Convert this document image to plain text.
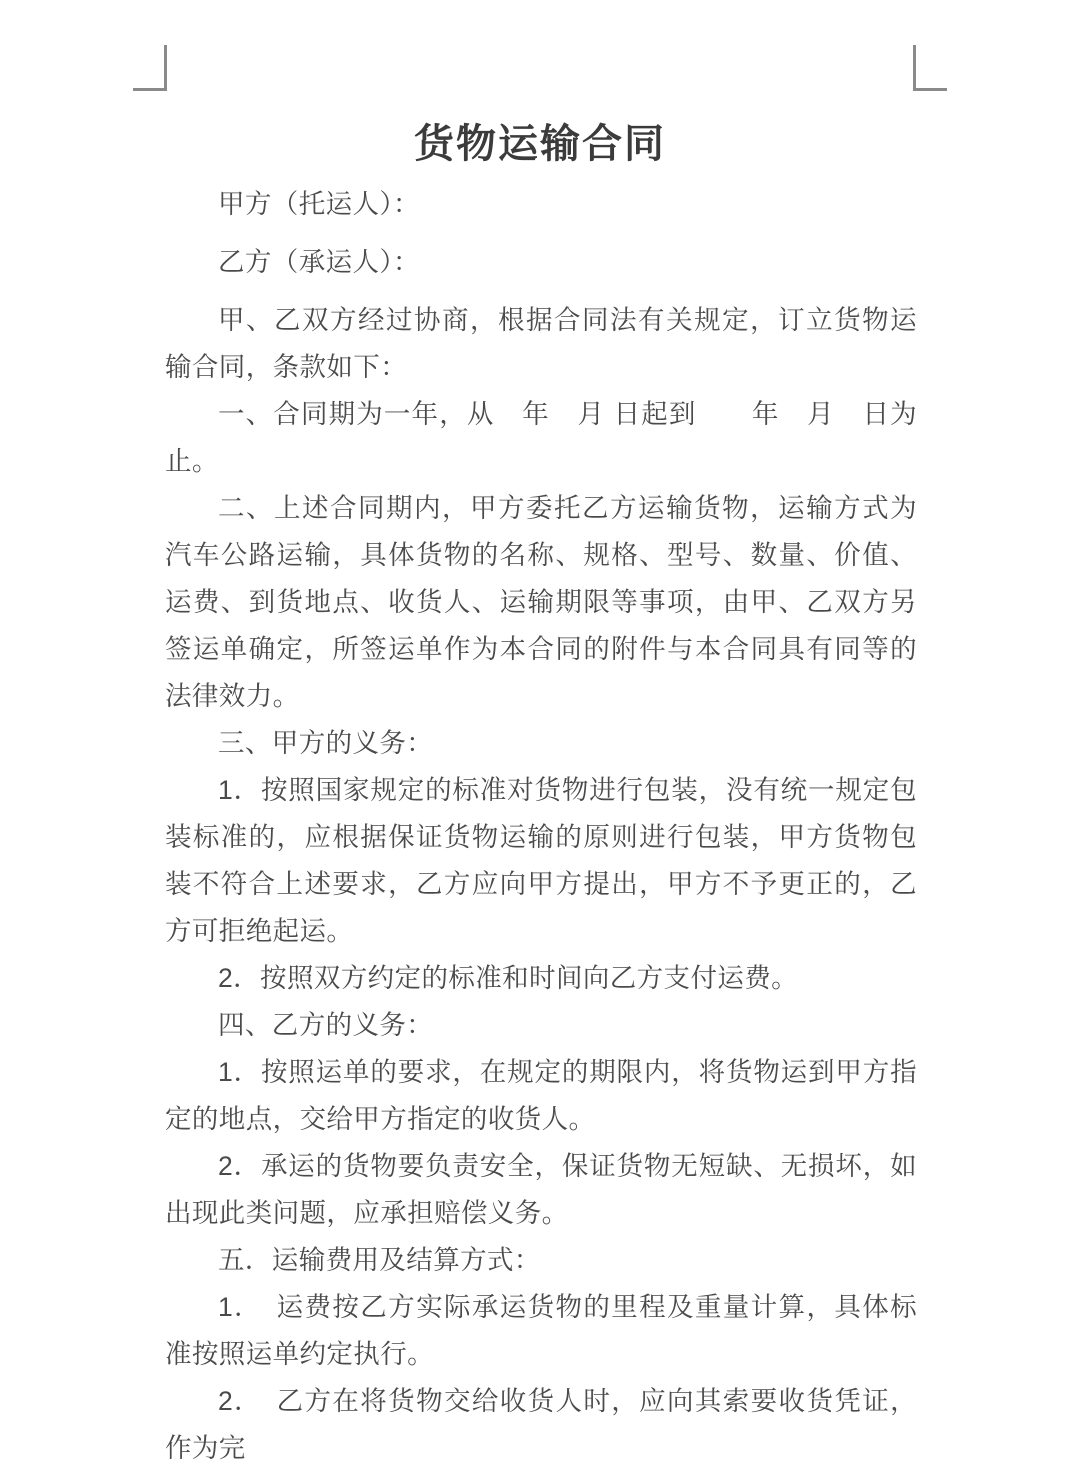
货物运输合同

甲方（托运人）：

乙方（承运人）：

甲、乙双方经过协商，根据合同法有关规定，订立货物运输合同，条款如下：

一、合同期为一年，从　年　月 日起到　　年　月　日为止。

二、上述合同期内，甲方委托乙方运输货物，运输方式为汽车公路运输，具体货物的名称、规格、型号、数量、价值、运费、到货地点、收货人、运输期限等事项，由甲、乙双方另签运单确定，所签运单作为本合同的附件与本合同具有同等的法律效力。

三、甲方的义务：

1．按照国家规定的标准对货物进行包装，没有统一规定包装标准的，应根据保证货物运输的原则进行包装，甲方货物包装不符合上述要求，乙方应向甲方提出，甲方不予更正的，乙方可拒绝起运。

2．按照双方约定的标准和时间向乙方支付运费。

四、乙方的义务：

1．按照运单的要求，在规定的期限内，将货物运到甲方指定的地点，交给甲方指定的收货人。

2．承运的货物要负责安全，保证货物无短缺、无损坏，如出现此类问题，应承担赔偿义务。

五．运输费用及结算方式：

1．　运费按乙方实际承运货物的里程及重量计算，具体标准按照运单约定执行。

2．　乙方在将货物交给收货人时，应向其索要收货凭证，作为完
